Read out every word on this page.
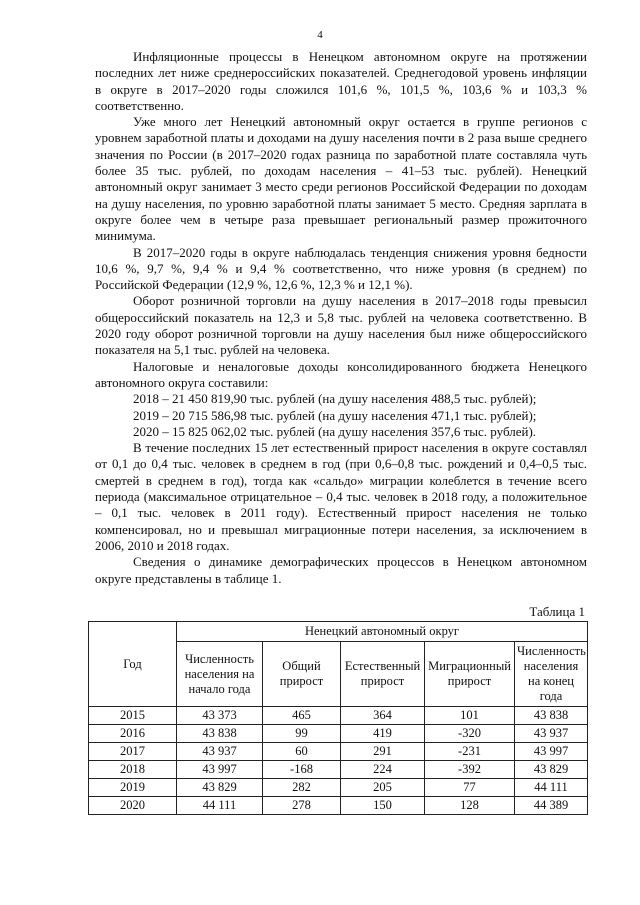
4

Инфляционные процессы в Ненецком автономном округе на протяжении последних лет ниже среднероссийских показателей. Среднегодовой уровень инфляции в округе в 2017–2020 годы сложился 101,6 %, 101,5 %, 103,6 % и 103,3 % соответственно.

Уже много лет Ненецкий автономный округ остается в группе регионов с уровнем заработной платы и доходами на душу населения почти в 2 раза выше среднего значения по России (в 2017–2020 годах разница по заработной плате составляла чуть более 35 тыс. рублей, по доходам населения – 41–53 тыс. рублей). Ненецкий автономный округ занимает 3 место среди регионов Российской Федерации по доходам на душу населения, по уровню заработной платы занимает 5 место. Средняя зарплата в округе более чем в четыре раза превышает региональный размер прожиточного минимума.

В 2017–2020 годы в округе наблюдалась тенденция снижения уровня бедности 10,6 %, 9,7 %, 9,4 % и 9,4 % соответственно, что ниже уровня (в среднем) по Российской Федерации (12,9 %, 12,6 %, 12,3 % и 12,1 %).

Оборот розничной торговли на душу населения в 2017–2018 годы превысил общероссийский показатель на 12,3 и 5,8 тыс. рублей на человека соответственно. В 2020 году оборот розничной торговли на душу населения был ниже общероссийского показателя на 5,1 тыс. рублей на человека.

Налоговые и неналоговые доходы консолидированного бюджета Ненецкого автономного округа составили:

2018 – 21 450 819,90 тыс. рублей (на душу населения 488,5 тыс. рублей);

2019 – 20 715 586,98 тыс. рублей (на душу населения 471,1 тыс. рублей);

2020 – 15 825 062,02 тыс. рублей (на душу населения 357,6 тыс. рублей).

В течение последних 15 лет естественный прирост населения в округе составлял от 0,1 до 0,4 тыс. человек в среднем в год (при 0,6–0,8 тыс. рождений и 0,4–0,5 тыс. смертей в среднем в год), тогда как «сальдо» миграции колеблется в течение всего периода (максимальное отрицательное – 0,4 тыс. человек в 2018 году, а положительное – 0,1 тыс. человек в 2011 году). Естественный прирост населения не только компенсировал, но и превышал миграционные потери населения, за исключением в 2006, 2010 и 2018 годах.

Сведения о динамике демографических процессов в Ненецком автономном округе представлены в таблице 1.

Таблица 1
Год	Ненецкий автономный округ				
	Численность населения на начало года	Общий прирост	Естественный прирост	Миграционный прирост	Численность населения на конец года
2015	43 373	465	364	101	43 838
2016	43 838	99	419	-320	43 937
2017	43 937	60	291	-231	43 997
2018	43 997	-168	224	-392	43 829
2019	43 829	282	205	77	44 111
2020	44 111	278	150	128	44 389
